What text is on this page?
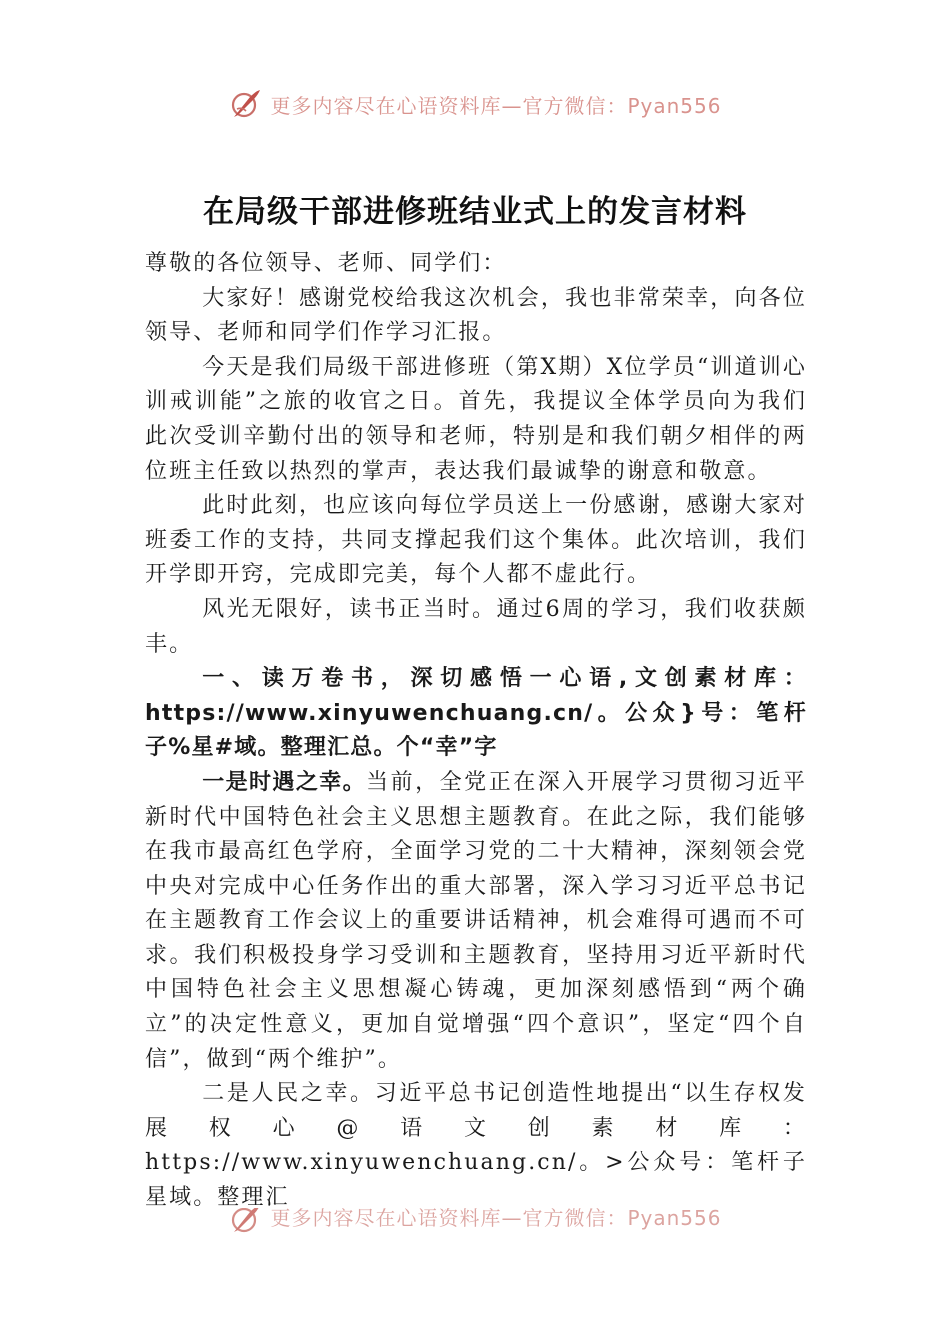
更多内容尽在心语资料库—官方微信：Pyan556
在局级干部进修班结业式上的发言材料

尊敬的各位领导、老师、同学们：

大家好！感谢党校给我这次机会，我也非常荣幸，向各位领导、老师和同学们作学习汇报。

今天是我们局级干部进修班（第X期）X位学员“训道训心训戒训能”之旅的收官之日。首先，我提议全体学员向为我们此次受训辛勤付出的领导和老师，特别是和我们朝夕相伴的两位班主任致以热烈的掌声，表达我们最诚挚的谢意和敬意。

此时此刻，也应该向每位学员送上一份感谢，感谢大家对班委工作的支持，共同支撑起我们这个集体。此次培训，我们开学即开窍，完成即完美，每个人都不虚此行。

风光无限好，读书正当时。通过6周的学习，我们收获颇丰。

一、读万卷书，深切感悟一心语,文创素材库：https://www.xinyuwenchuang.cn/。公众}号：笔杆子%星#域。整理汇总。个“幸”字

一是时遇之幸。当前，全党正在深入开展学习贯彻习近平新时代中国特色社会主义思想主题教育。在此之际，我们能够在我市最高红色学府，全面学习党的二十大精神，深刻领会党中央对完成中心任务作出的重大部署，深入学习习近平总书记在主题教育工作会议上的重要讲话精神，机会难得可遇而不可求。我们积极投身学习受训和主题教育，坚持用习近平新时代中国特色社会主义思想凝心铸魂，更加深刻感悟到“两个确立”的决定性意义，更加自觉增强“四个意识”，坚定“四个自信”，做到“两个维护”。

二是人民之幸。习近平总书记创造性地提出“以生存权发展权心@语文创素材库：https://www.xinyuwenchuang.cn/。>公众号：笔杆子星域。整理汇

更多内容尽在心语资料库—官方微信：Pyan556
